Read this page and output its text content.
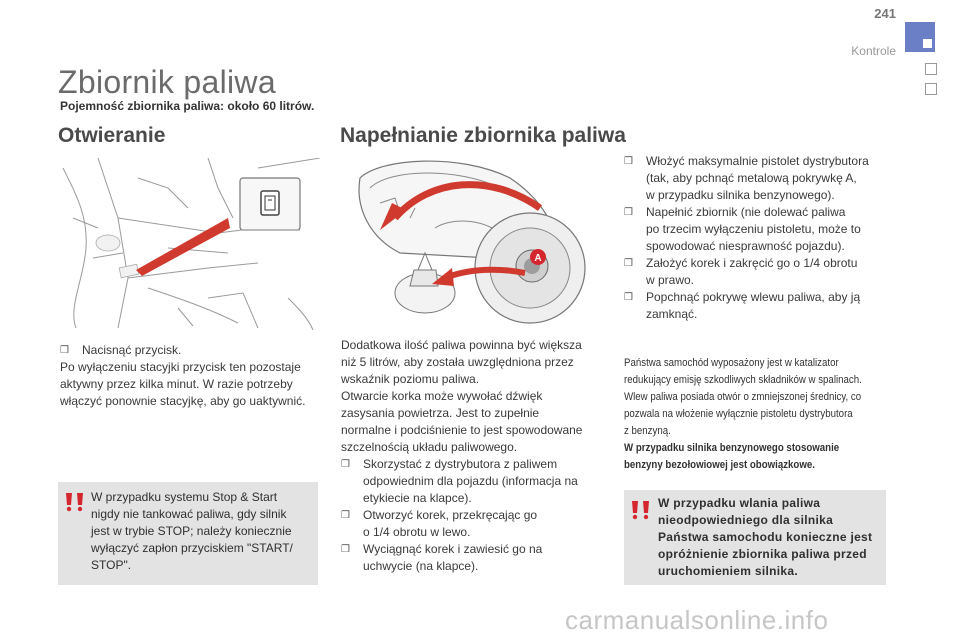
241
Kontrole
Zbiornik paliwa
Pojemność zbiornika paliwa: około 60 litrów.
Otwieranie
❒ Nacisnąć przycisk.
Po wyłączeniu stacyjki przycisk ten pozostaje
aktywny przez kilka minut. W razie potrzeby
włączyć ponownie stacyjkę, aby go uaktywnić.
W przypadku systemu Stop & Start
nigdy nie tankować paliwa, gdy silnik
jest w trybie STOP; należy koniecznie
wyłączyć zapłon przyciskiem "START/
STOP".
Napełnianie zbiornika paliwa
A
Dodatkowa ilość paliwa powinna być większa
niż 5 litrów, aby została uwzględniona przez
wskaźnik poziomu paliwa.
Otwarcie korka może wywołać dźwięk
zasysania powietrza. Jest to zupełnie
normalne i podciśnienie to jest spowodowane
szczelnością układu paliwowego.
❒ Skorzystać z dystrybutora z paliwem
odpowiednim dla pojazdu (informacja na
etykiecie na klapce).
❒ Otworzyć korek, przekręcając go
o 1/4 obrotu w lewo.
❒ Wyciągnąć korek i zawiesić go na
uchwycie (na klapce).
❒ Włożyć maksymalnie pistolet dystrybutora
(tak, aby pchnąć metalową pokrywkę A,
w przypadku silnika benzynowego).
❒ Napełnić zbiornik (nie dolewać paliwa
po trzecim wyłączeniu pistoletu, może to
spowodować niesprawność pojazdu).
❒ Założyć korek i zakręcić go o 1/4 obrotu
w prawo.
❒ Popchnąć pokrywę wlewu paliwa, aby ją
zamknąć.
Państwa samochód wyposażony jest w katalizator
redukujący emisję szkodliwych składników w spalinach.
Wlew paliwa posiada otwór o zmniejszonej średnicy, co
pozwala na włożenie wyłącznie pistoletu dystrybutora
z benzyną.
W przypadku silnika benzynowego stosowanie
benzyny bezołowiowej jest obowiązkowe.
W przypadku wlania paliwa
nieodpowiedniego dla silnika
Państwa samochodu konieczne jest
opróżnienie zbiornika paliwa przed
uruchomieniem silnika.
carmanualsonline.info
